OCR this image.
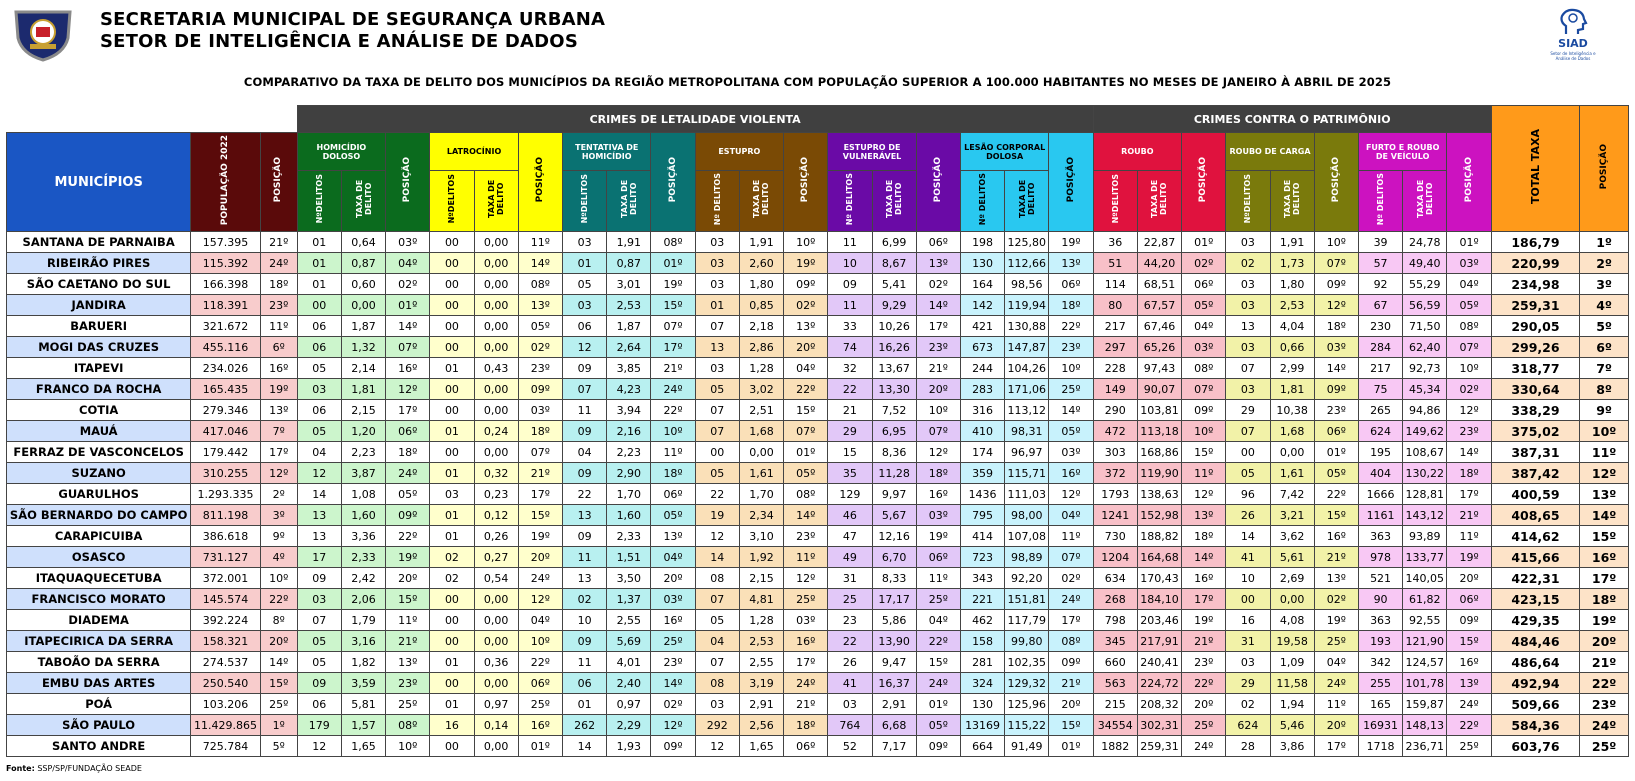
SECRETARIA MUNICIPAL DE SEGURANÇA URBANA
SETOR DE INTELIGÊNCIA E ANÁLISE DE DADOS	SIAD
Setor de Inteligência e Análise de Dados
COMPARATIVO DA TAXA DE DELITO DOS MUNICÍPIOS DA REGIÃO METROPOLITANA COM POPULAÇÃO SUPERIOR A 100.000 HABITANTES NO MESES DE JANEIRO À ABRIL DE 2025
			CRIMES DE LETALIDADE VIOLENTA																		CRIMES CONTRA O PATRIMÔNIO									TOTAL TAXA	POSIÇÃO
MUNICÍPIOS	POPULAÇÃO 2022	POSIÇÃO	HOMICÍDIO DOLOSO		POSIÇÃO	LATROCÍNIO		POSIÇÃO	TENTATIVA DE HOMICÍDIO		POSIÇÃO	ESTUPRO		POSIÇÃO	ESTUPRO DE VULNERÁVEL		POSIÇÃO	LESÃO CORPORAL DOLOSA		POSIÇÃO	ROUBO		POSIÇÃO	ROUBO DE CARGA		POSIÇÃO	FURTO E ROUBO DE VEÍCULO		POSIÇÃO		
			NºDELITOS	TAXA DE DELITO		NºDELITOS	TAXA DE DELITO		NºDELITOS	TAXA DE DELITO		Nº DELITOS	TAXA DE DELITO		Nº DELITOS	TAXA DE DELITO		Nº DELITOS	TAXA DE DELITO		NºDELITOS	TAXA DE DELITO		NºDELITOS	TAXA DE DELITO		Nº DELITOS	TAXA DE DELITO			
SANTANA DE PARNAIBA	157.395	21º	01	0,64	03º	00	0,00	11º	03	1,91	08º	03	1,91	10º	11	6,99	06º	198	125,80	19º	36	22,87	01º	03	1,91	10º	39	24,78	01º	186,79	1º
RIBEIRÃO PIRES	115.392	24º	01	0,87	04º	00	0,00	14º	01	0,87	01º	03	2,60	19º	10	8,67	13º	130	112,66	13º	51	44,20	02º	02	1,73	07º	57	49,40	03º	220,99	2º
SÃO CAETANO DO SUL	166.398	18º	01	0,60	02º	00	0,00	08º	05	3,01	19º	03	1,80	09º	09	5,41	02º	164	98,56	06º	114	68,51	06º	03	1,80	09º	92	55,29	04º	234,98	3º
JANDIRA	118.391	23º	00	0,00	01º	00	0,00	13º	03	2,53	15º	01	0,85	02º	11	9,29	14º	142	119,94	18º	80	67,57	05º	03	2,53	12º	67	56,59	05º	259,31	4º
BARUERI	321.672	11º	06	1,87	14º	00	0,00	05º	06	1,87	07º	07	2,18	13º	33	10,26	17º	421	130,88	22º	217	67,46	04º	13	4,04	18º	230	71,50	08º	290,05	5º
MOGI DAS CRUZES	455.116	6º	06	1,32	07º	00	0,00	02º	12	2,64	17º	13	2,86	20º	74	16,26	23º	673	147,87	23º	297	65,26	03º	03	0,66	03º	284	62,40	07º	299,26	6º
ITAPEVI	234.026	16º	05	2,14	16º	01	0,43	23º	09	3,85	21º	03	1,28	04º	32	13,67	21º	244	104,26	10º	228	97,43	08º	07	2,99	14º	217	92,73	10º	318,77	7º
FRANCO DA ROCHA	165.435	19º	03	1,81	12º	00	0,00	09º	07	4,23	24º	05	3,02	22º	22	13,30	20º	283	171,06	25º	149	90,07	07º	03	1,81	09º	75	45,34	02º	330,64	8º
COTIA	279.346	13º	06	2,15	17º	00	0,00	03º	11	3,94	22º	07	2,51	15º	21	7,52	10º	316	113,12	14º	290	103,81	09º	29	10,38	23º	265	94,86	12º	338,29	9º
MAUÁ	417.046	7º	05	1,20	06º	01	0,24	18º	09	2,16	10º	07	1,68	07º	29	6,95	07º	410	98,31	05º	472	113,18	10º	07	1,68	06º	624	149,62	23º	375,02	10º
FERRAZ DE VASCONCELOS	179.442	17º	04	2,23	18º	00	0,00	07º	04	2,23	11º	00	0,00	01º	15	8,36	12º	174	96,97	03º	303	168,86	15º	00	0,00	01º	195	108,67	14º	387,31	11º
SUZANO	310.255	12º	12	3,87	24º	01	0,32	21º	09	2,90	18º	05	1,61	05º	35	11,28	18º	359	115,71	16º	372	119,90	11º	05	1,61	05º	404	130,22	18º	387,42	12º
GUARULHOS	1.293.335	2º	14	1,08	05º	03	0,23	17º	22	1,70	06º	22	1,70	08º	129	9,97	16º	1436	111,03	12º	1793	138,63	12º	96	7,42	22º	1666	128,81	17º	400,59	13º
SÃO BERNARDO DO CAMPO	811.198	3º	13	1,60	09º	01	0,12	15º	13	1,60	05º	19	2,34	14º	46	5,67	03º	795	98,00	04º	1241	152,98	13º	26	3,21	15º	1161	143,12	21º	408,65	14º
CARAPICUIBA	386.618	9º	13	3,36	22º	01	0,26	19º	09	2,33	13º	12	3,10	23º	47	12,16	19º	414	107,08	11º	730	188,82	18º	14	3,62	16º	363	93,89	11º	414,62	15º
OSASCO	731.127	4º	17	2,33	19º	02	0,27	20º	11	1,51	04º	14	1,92	11º	49	6,70	06º	723	98,89	07º	1204	164,68	14º	41	5,61	21º	978	133,77	19º	415,66	16º
ITAQUAQUECETUBA	372.001	10º	09	2,42	20º	02	0,54	24º	13	3,50	20º	08	2,15	12º	31	8,33	11º	343	92,20	02º	634	170,43	16º	10	2,69	13º	521	140,05	20º	422,31	17º
FRANCISCO MORATO	145.574	22º	03	2,06	15º	00	0,00	12º	02	1,37	03º	07	4,81	25º	25	17,17	25º	221	151,81	24º	268	184,10	17º	00	0,00	02º	90	61,82	06º	423,15	18º
DIADEMA	392.224	8º	07	1,79	11º	00	0,00	04º	10	2,55	16º	05	1,28	03º	23	5,86	04º	462	117,79	17º	798	203,46	19º	16	4,08	19º	363	92,55	09º	429,35	19º
ITAPECIRICA DA SERRA	158.321	20º	05	3,16	21º	00	0,00	10º	09	5,69	25º	04	2,53	16º	22	13,90	22º	158	99,80	08º	345	217,91	21º	31	19,58	25º	193	121,90	15º	484,46	20º
TABOÃO DA SERRA	274.537	14º	05	1,82	13º	01	0,36	22º	11	4,01	23º	07	2,55	17º	26	9,47	15º	281	102,35	09º	660	240,41	23º	03	1,09	04º	342	124,57	16º	486,64	21º
EMBU DAS ARTES	250.540	15º	09	3,59	23º	00	0,00	06º	06	2,40	14º	08	3,19	24º	41	16,37	24º	324	129,32	21º	563	224,72	22º	29	11,58	24º	255	101,78	13º	492,94	22º
POÁ	103.206	25º	06	5,81	25º	01	0,97	25º	01	0,97	02º	03	2,91	21º	03	2,91	01º	130	125,96	20º	215	208,32	20º	02	1,94	11º	165	159,87	24º	509,66	23º
SÃO PAULO	11.429.865	1º	179	1,57	08º	16	0,14	16º	262	2,29	12º	292	2,56	18º	764	6,68	05º	13169	115,22	15º	34554	302,31	25º	624	5,46	20º	16931	148,13	22º	584,36	24º
SANTO ANDRE	725.784	5º	12	1,65	10º	00	0,00	01º	14	1,93	09º	12	1,65	06º	52	7,17	09º	664	91,49	01º	1882	259,31	24º	28	3,86	17º	1718	236,71	25º	603,76	25º
Fonte: SSP/SP/FUNDAÇÃO SEADE
